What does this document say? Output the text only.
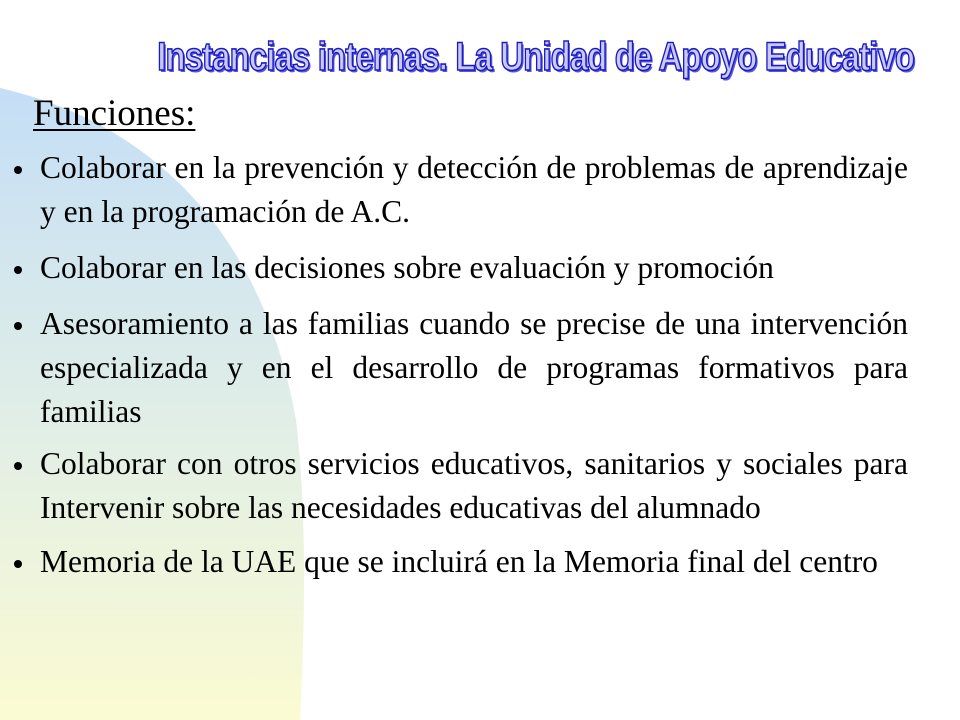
Instancias internas. La Unidad de Apoyo Educativo
Funciones:
Colaborar en la prevención y detección de problemas de aprendizaje y en la programación de A.C.
Colaborar en las decisiones sobre evaluación y promoción
Asesoramiento a las familias cuando se precise de una intervención especializada y en el desarrollo de programas formativos para familias
Colaborar con otros servicios educativos, sanitarios y sociales para Intervenir sobre las necesidades educativas del alumnado
Memoria de la UAE que se incluirá en la Memoria final del centro
